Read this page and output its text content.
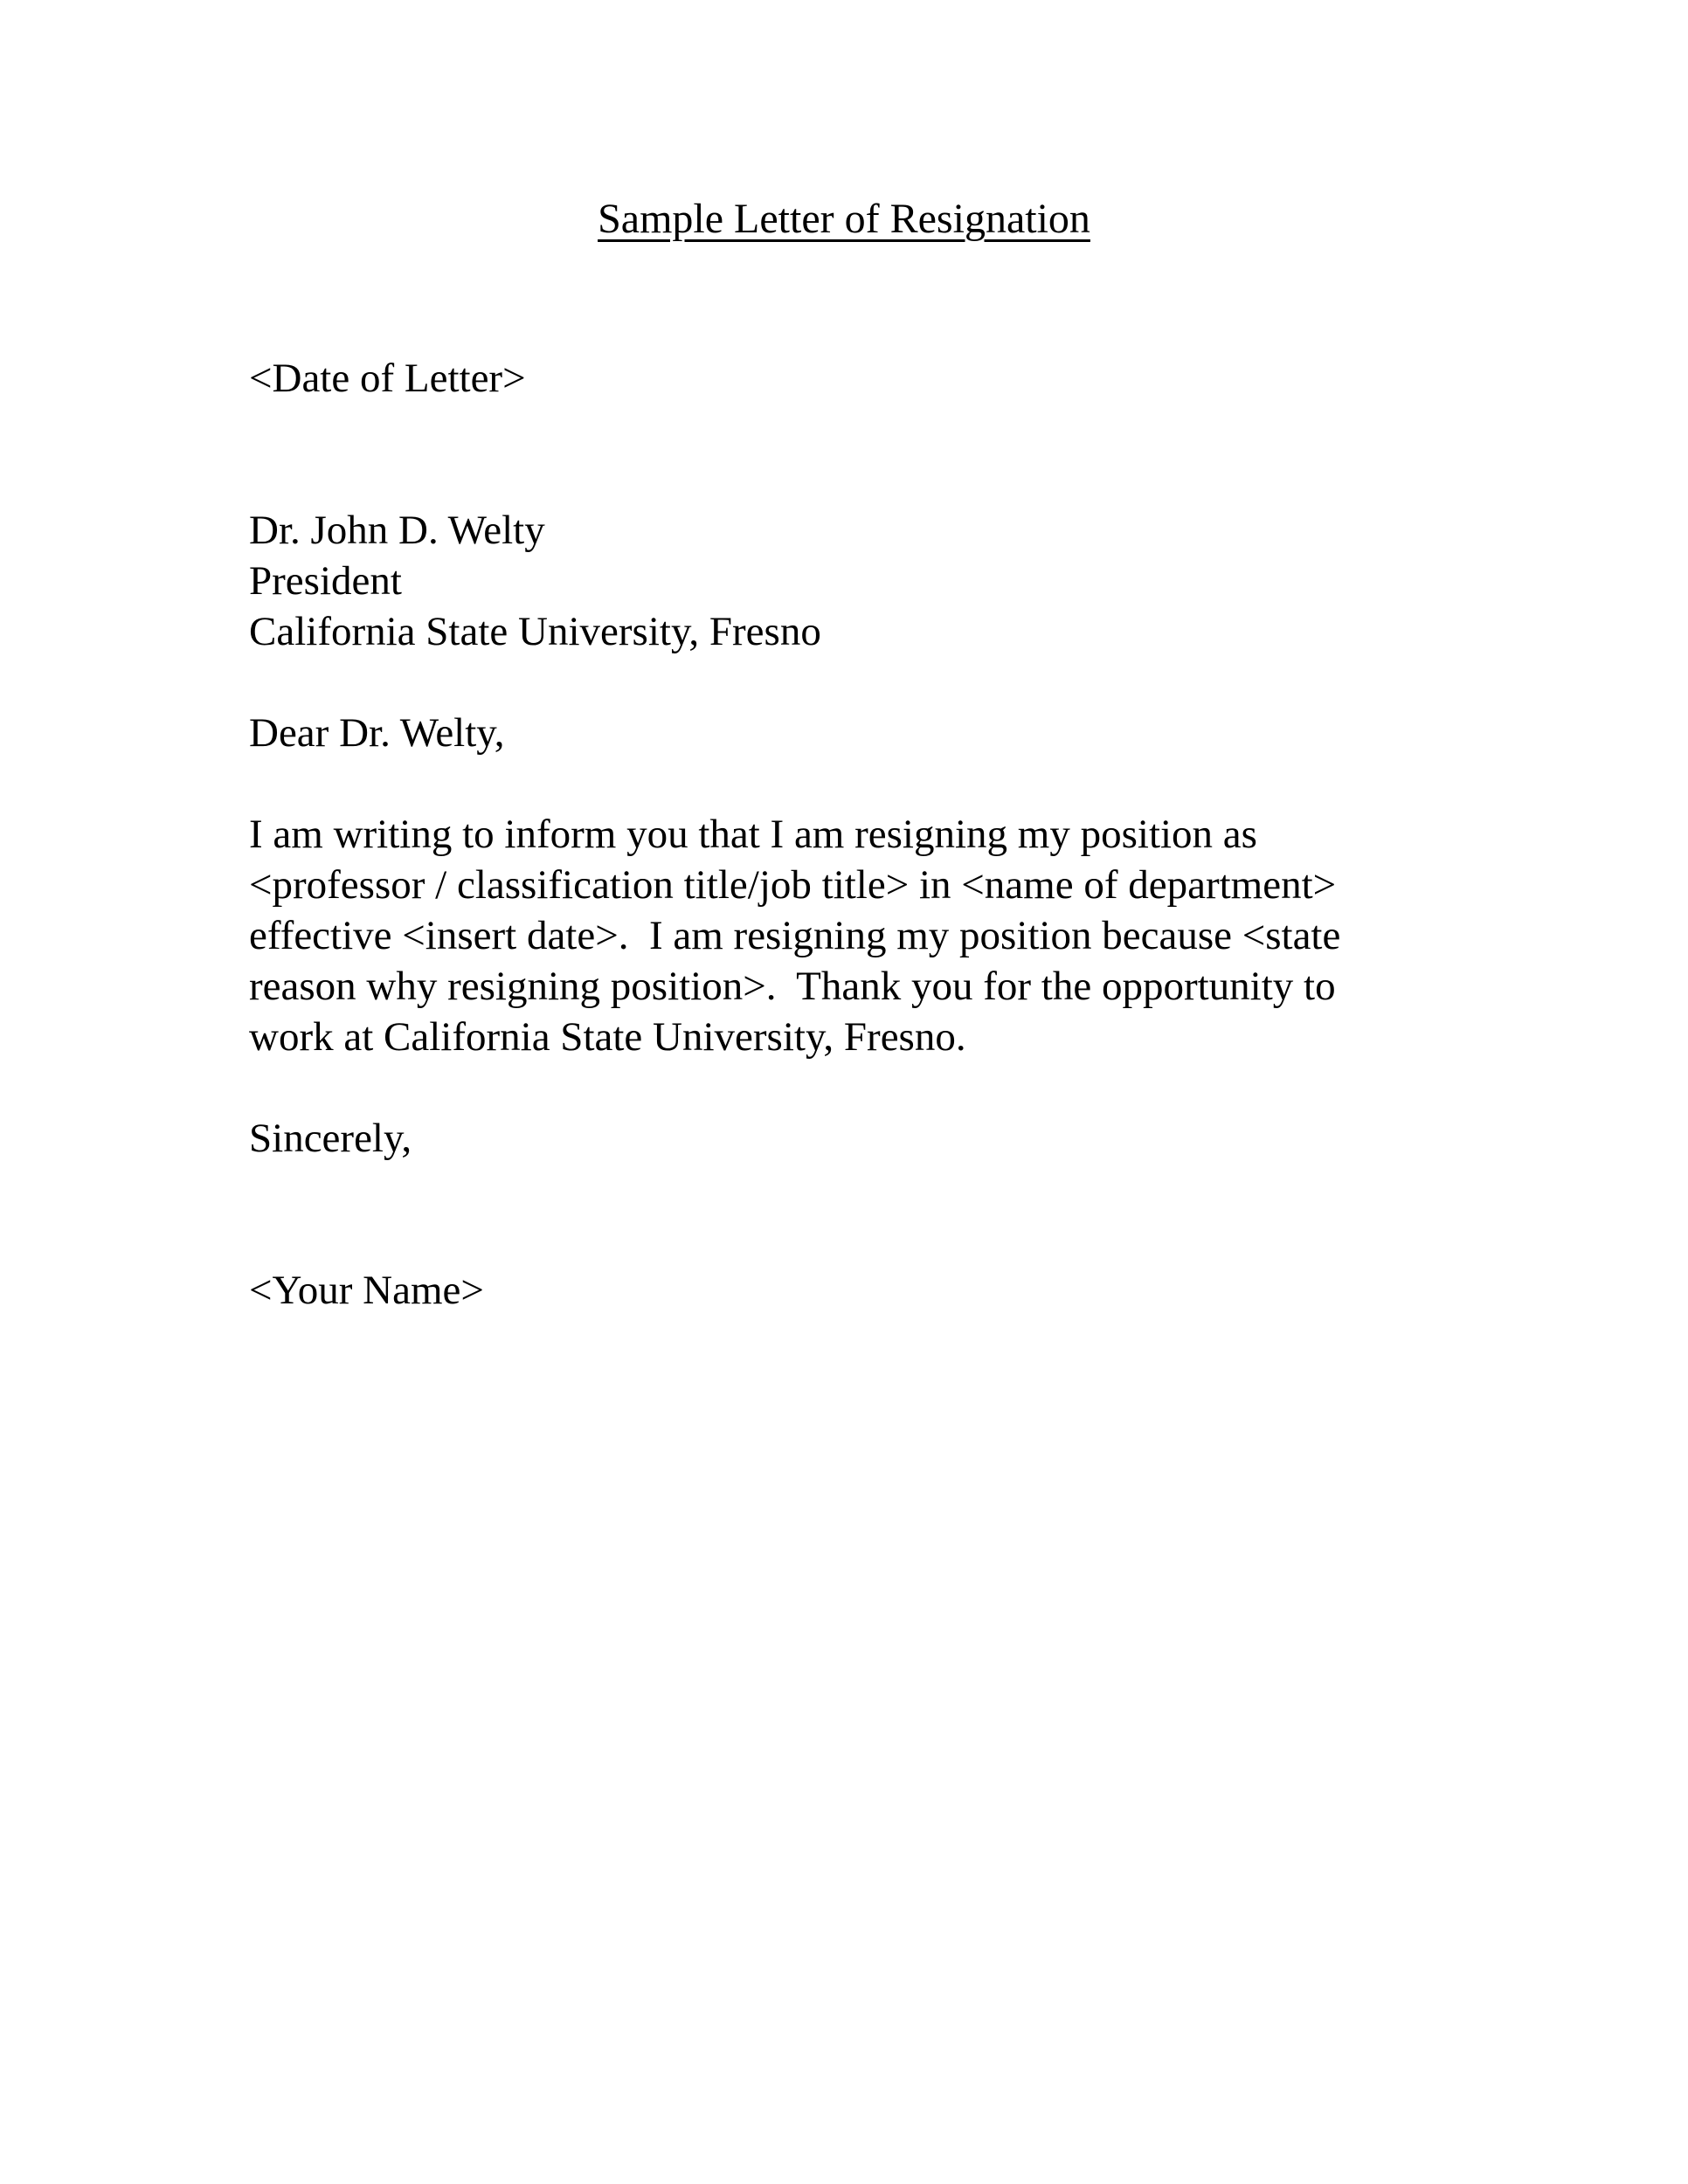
Sample Letter of Resignation
<Date of Letter>
Dr. John D. Welty
President
California State University, Fresno
Dear Dr. Welty,
I am writing to inform you that I am resigning my position as
<professor / classification title/job title> in <name of department>
effective <insert date>.  I am resigning my position because <state
reason why resigning position>.  Thank you for the opportunity to
work at California State University, Fresno.
Sincerely,
<Your Name>
